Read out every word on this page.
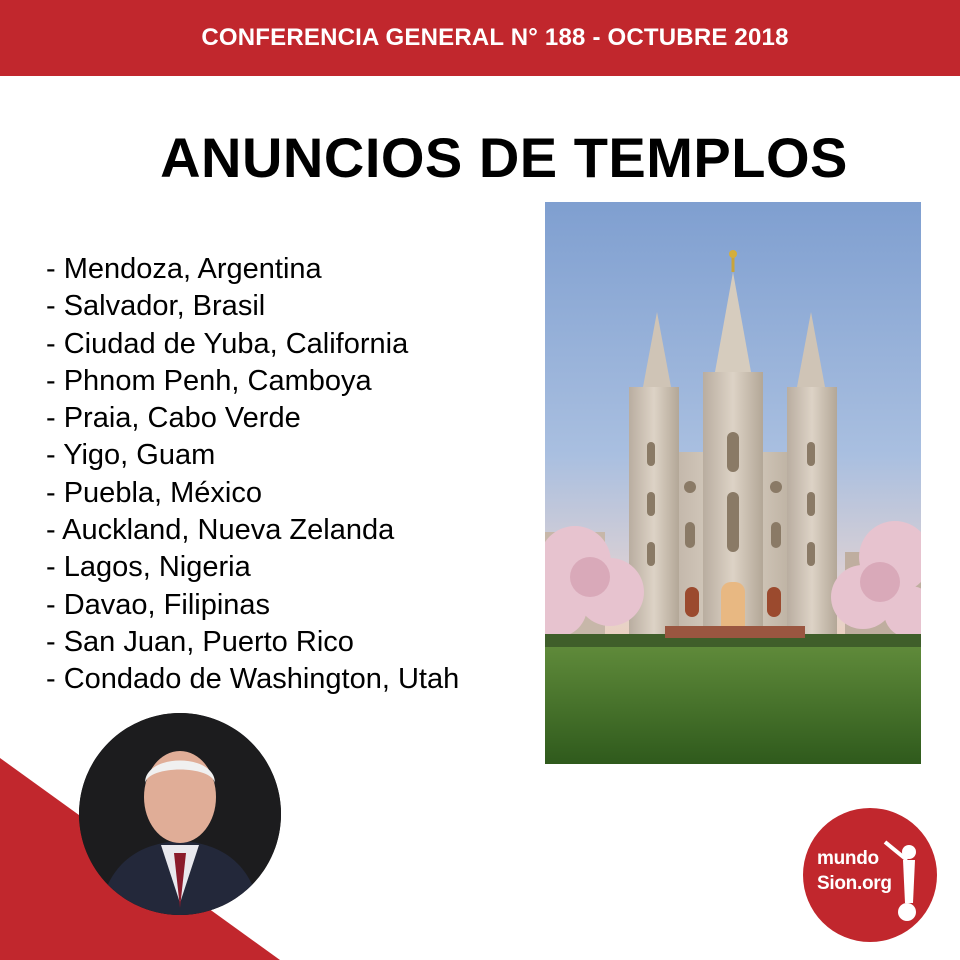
CONFERENCIA GENERAL N° 188 - OCTUBRE 2018
ANUNCIOS DE TEMPLOS
- Mendoza, Argentina
- Salvador, Brasil
- Ciudad de Yuba, California
- Phnom Penh, Camboya
- Praia, Cabo Verde
- Yigo, Guam
- Puebla, México
- Auckland, Nueva Zelanda
- Lagos, Nigeria
- Davao, Filipinas
- San Juan, Puerto Rico
- Condado de Washington, Utah
mundo
Sion.org
